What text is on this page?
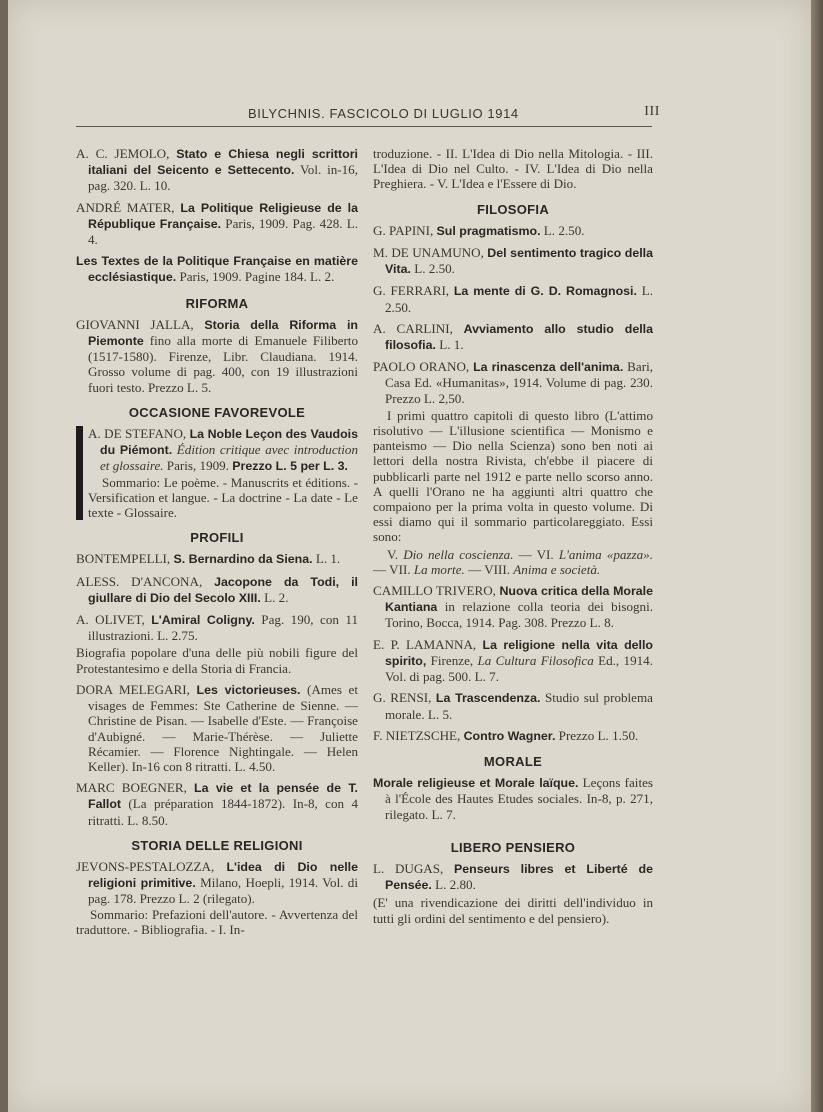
BILYCHNIS. FASCICOLO DI LUGLIO 1914	III
A. C. JEMOLO, Stato e Chiesa negli scrittori italiani del Seicento e Settecento. Vol. in-16, pag. 320. L. 10.
ANDRÉ MATER, La Politique Religieuse de la République Française. Paris, 1909. Pag. 428. L. 4.
Les Textes de la Politique Française en matière ecclésiastique. Paris, 1909. Pagine 184. L. 2.
RIFORMA
GIOVANNI JALLA, Storia della Riforma in Piemonte fino alla morte di Emanuele Filiberto (1517-1580). Firenze, Libr. Claudiana. 1914. Grosso volume di pag. 400, con 19 illustrazioni fuori testo. Prezzo L. 5.
OCCASIONE FAVOREVOLE
A. DE STEFANO, La Noble Leçon des Vaudois du Piémont. Édition critique avec introduction et glossaire. Paris, 1909. Prezzo L. 5 per L. 3.
Sommario: Le poème. - Manuscrits et éditions. - Versification et langue. - La doctrine - La date - Le texte - Glossaire.
PROFILI
BONTEMPELLI, S. Bernardino da Siena. L. 1.
ALESS. D'ANCONA, Jacopone da Todi, il giullare di Dio del Secolo XIII. L. 2.
A. OLIVET, L'Amiral Coligny. Pag. 190, con 11 illustrazioni. L. 2.75.
Biografia popolare d'una delle più nobili figure del Protestantesimo e della Storia di Francia.
DORA MELEGARI, Les victorieuses. (Ames et visages de Femmes: Ste Catherine de Sienne. — Christine de Pisan. — Isabelle d'Este. — Françoise d'Aubigné. — Marie-Thérèse. — Juliette Récamier. — Florence Nightingale. — Helen Keller). In-16 con 8 ritratti. L. 4.50.
MARC BOEGNER, La vie et la pensée de T. Fallot (La préparation 1844-1872). In-8, con 4 ritratti. L. 8.50.
STORIA DELLE RELIGIONI
JEVONS-PESTALOZZA, L'idea di Dio nelle religioni primitive. Milano, Hoepli, 1914. Vol. di pag. 178. Prezzo L. 2 (rilegato).
Sommario: Prefazioni dell'autore. - Avvertenza del traduttore. - Bibliografia. - I. In-
troduzione. - II. L'Idea di Dio nella Mitologia. - III. L'Idea di Dio nel Culto. - IV. L'Idea di Dio nella Preghiera. - V. L'Idea e l'Essere di Dio.
FILOSOFIA
G. PAPINI, Sul pragmatismo. L. 2.50.
M. DE UNAMUNO, Del sentimento tragico della Vita. L. 2.50.
G. FERRARI, La mente di G. D. Romagnosi. L. 2.50.
A. CARLINI, Avviamento allo studio della filosofia. L. 1.
PAOLO ORANO, La rinascenza dell'anima. Bari, Casa Ed. «Humanitas», 1914. Volume di pag. 230. Prezzo L. 2,50.
I primi quattro capitoli di questo libro (L'attimo risolutivo — L'illusione scientifica — Monismo e panteismo — Dio nella Scienza) sono ben noti ai lettori della nostra Rivista, ch'ebbe il piacere di pubblicarli parte nel 1912 e parte nello scorso anno. A quelli l'Orano ne ha aggiunti altri quattro che compaiono per la prima volta in questo volume. Di essi diamo qui il sommario particolareggiato. Essi sono:
V. Dio nella coscienza. — VI. L'anima «pazza». — VII. La morte. — VIII. Anima e società.
CAMILLO TRIVERO, Nuova critica della Morale Kantiana in relazione colla teoria dei bisogni. Torino, Bocca, 1914. Pag. 308. Prezzo L. 8.
E. P. LAMANNA, La religione nella vita dello spirito, Firenze, La Cultura Filosofica Ed., 1914. Vol. di pag. 500. L. 7.
G. RENSI, La Trascendenza. Studio sul problema morale. L. 5.
F. NIETZSCHE, Contro Wagner. Prezzo L. 1.50.
MORALE
Morale religieuse et Morale laïque. Leçons faites à l'École des Hautes Etudes sociales. In-8, p. 271, rilegato. L. 7.
LIBERO PENSIERO
L. DUGAS, Penseurs libres et Liberté de Pensée. L. 2.80.
(E' una rivendicazione dei diritti dell'individuo in tutti gli ordini del sentimento e del pensiero).
